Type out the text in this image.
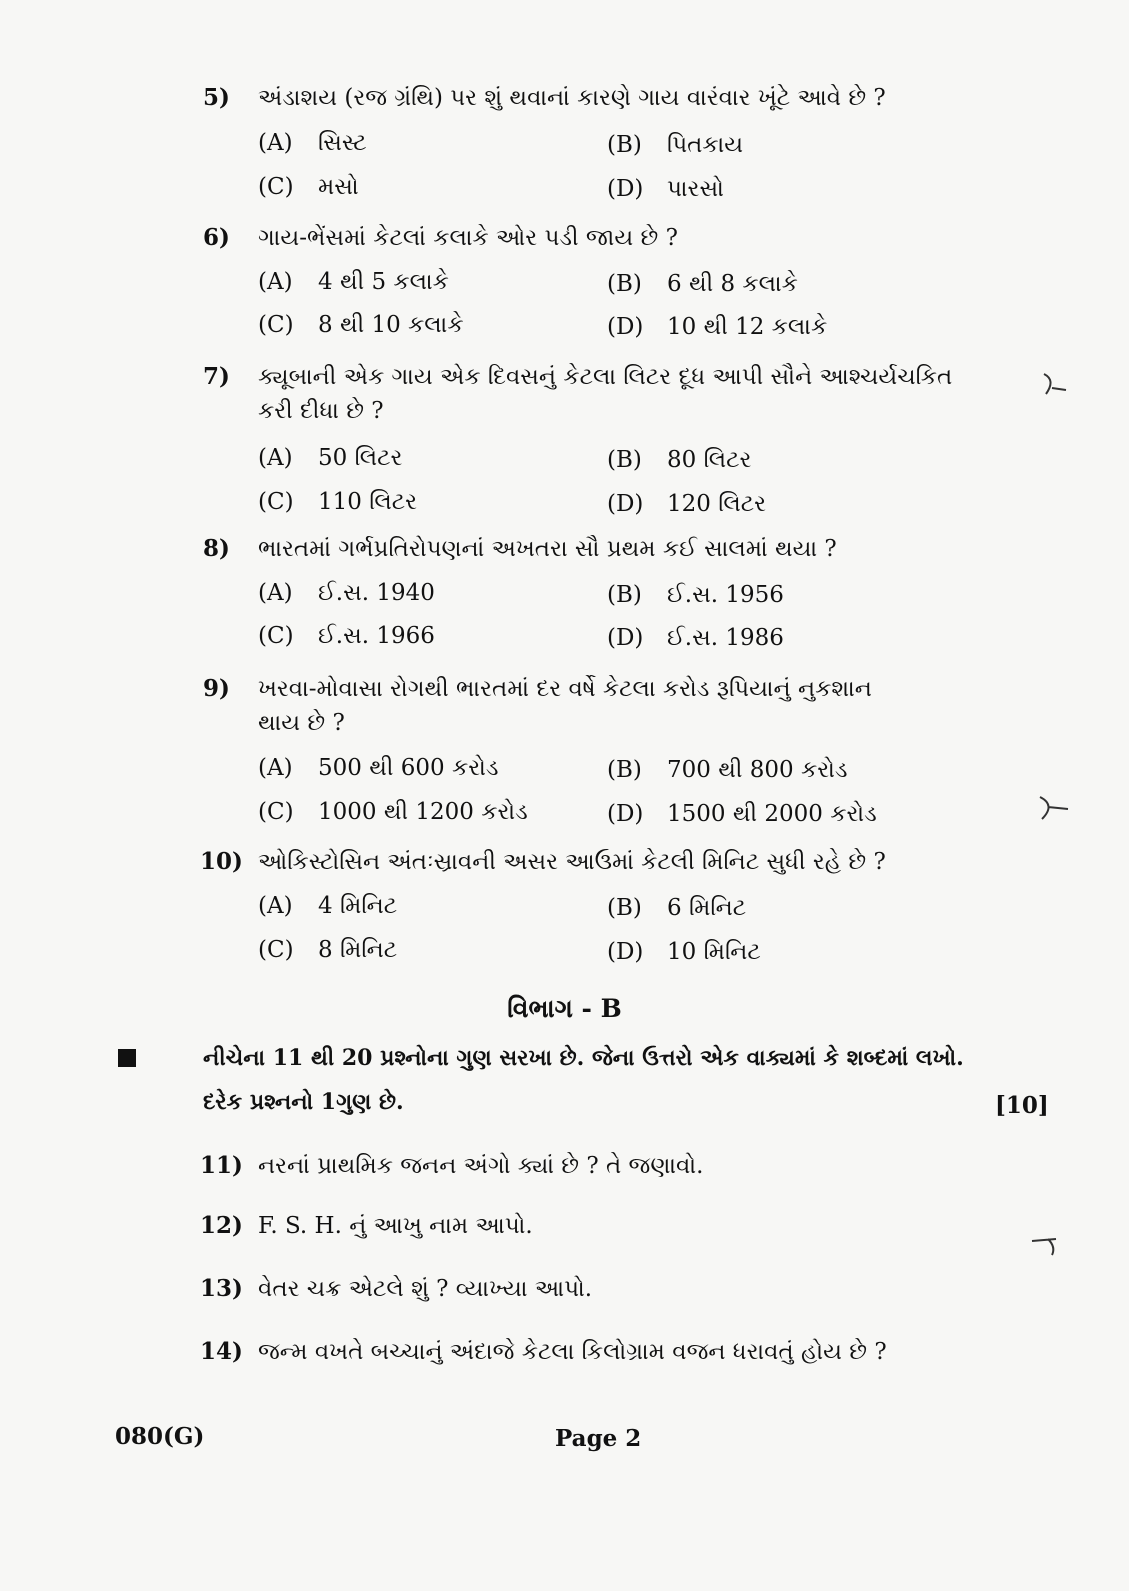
5) અંડાશય (રજ ગ્રંથિ) પર શું થવાનાં કારણે ગાય વારંવાર ખૂંટે આવે છે ?
(A) સિસ્ટ	(B) પિતકાય
(C) મસો	(D) પારસો
6) ગાય-ભેંસમાં કેટલાં કલાકે ઓર પડી જાય છે ?
(A) 4 થી 5 કલાકે	(B) 6 થી 8 કલાકે
(C) 8 થી 10 કલાકે	(D) 10 થી 12 કલાકે
7) ક્યૂબાની એક ગાય એક દિવસનું કેટલા લિટર દૂધ આપી સૌને આશ્ચર્યચકિત
કરી દીધા છે ?
(A) 50 લિટર	(B) 80 લિટર
(C) 110 લિટર	(D) 120 લિટર
8) ભારતમાં ગર્ભપ્રતિરોપણનાં અખતરા સૌ પ્રથમ કઈ સાલમાં થયા ?
(A) ઈ.સ. 1940	(B) ઈ.સ. 1956
(C) ઈ.સ. 1966	(D) ઈ.સ. 1986
9) ખરવા-મોવાસા રોગથી ભારતમાં દર વર્ષે કેટલા કરોડ રૂપિયાનું નુકશાન
થાય છે ?
(A) 500 થી 600 કરોડ	(B) 700 થી 800 કરોડ
(C) 1000 થી 1200 કરોડ	(D) 1500 થી 2000 કરોડ
10) ઓકિસ્ટોસિન અંતઃસ્રાવની અસર આઉમાં કેટલી મિનિટ સુધી રહે છે ?
(A) 4 મિનિટ	(B) 6 મિનિટ
(C) 8 મિનિટ	(D) 10 મિનિટ
વિભાગ - B
નીચેના 11 થી 20 પ્રશ્નોના ગુણ સરખા છે. જેના ઉત્તરો એક વાક્યમાં કે શબ્દમાં લખો.
દરેક પ્રશ્નનો 1ગુણ છે.	[10]
11) નરનાં પ્રાથમિક જનન અંગો ક્યાં છે ? તે જણાવો.
12) F. S. H. નું આખુ નામ આપો.
13) વેતર ચક્ર એટલે શું ? વ્યાખ્યા આપો.
14) જન્મ વખતે બચ્ચાનું અંદાજે કેટલા કિલોગ્રામ વજન ધરાવતું હોય છે ?
080(G)	Page 2
